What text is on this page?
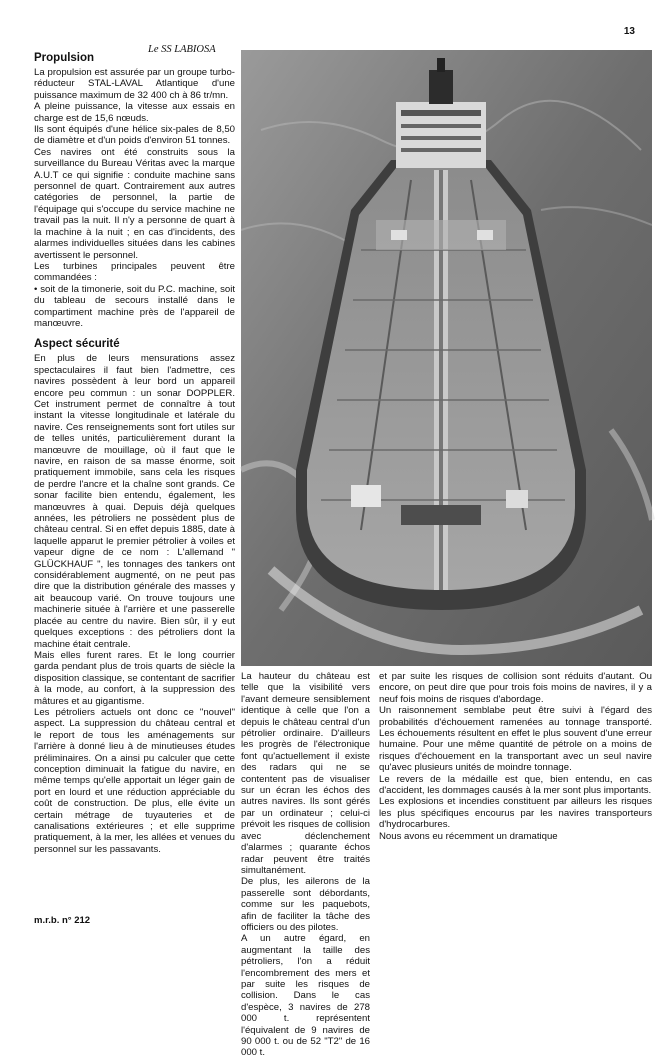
13
Le SS LABIOSA
Propulsion

La propulsion est assurée par un groupe turbo-réducteur STAL-LAVAL Atlantique d'une puissance maximum de 32 400 ch à 86 tr/mn.

A pleine puissance, la vitesse aux essais en charge est de 15,6 nœuds.

Ils sont équipés d'une hélice six-pales de 8,50 de diamètre et d'un poids d'environ 51 tonnes.

Ces navires ont été construits sous la surveillance du Bureau Véritas avec la marque A.U.T ce qui signifie : conduite machine sans personnel de quart. Contrairement aux autres catégories de personnel, la partie de l'équipage qui s'occupe du service machine ne travail pas la nuit. Il n'y a personne de quart à la machine à la nuit ; en cas d'incidents, des alarmes individuelles situées dans les cabines avertissent le personnel.

Les turbines principales peuvent être commandées :

• soit de la timonerie, soit du P.C. machine, soit du tableau de secours installé dans le compartiment machine près de l'appareil de manœuvre.

Aspect sécurité

En plus de leurs mensurations assez spectaculaires il faut bien l'admettre, ces navires possèdent à leur bord un appareil encore peu commun : un sonar DOPPLER. Cet instrument permet de connaître à tout instant la vitesse longitudinale et latérale du navire. Ces renseignements sont fort utiles sur de telles unités, particulièrement durant la manœuvre de mouillage, où il faut que le navire, en raison de sa masse énorme, soit pratiquement immobile, sans cela les risques de perdre l'ancre et la chaîne sont grands. Ce sonar facilite bien entendu, également, les manœuvres à quai. Depuis déjà quelques années, les pétroliers ne possèdent plus de château central. Si en effet depuis 1885, date à laquelle apparut le premier pétrolier à voiles et vapeur digne de ce nom : L'allemand " GLÜCKHAUF ", les tonnages des tankers ont considérablement augmenté, on ne peut pas dire que la distribution générale des masses y ait beaucoup varié. On trouve toujours une machinerie située à l'arrière et une passerelle placée au centre du navire. Bien sûr, il y eut quelques exceptions : des pétroliers dont la machine était centrale.

Mais elles furent rares. Et le long courrier garda pendant plus de trois quarts de siècle la disposition classique, se contentant de sacrifier à la mode, au confort, à la suppression des mâtures et au gigantisme.

Les pétroliers actuels ont donc ce "nouvel" aspect. La suppression du château central et le report de tous les aménagements sur l'arrière à donné lieu à de minutieuses études préliminaires. On a ainsi pu calculer que cette conception diminuait la fatigue du navire, en même temps qu'elle apportait un léger gain de port en lourd et une réduction appréciable du coût de construction. De plus, elle évite un certain métrage de tuyauteries et de canalisations extérieures ; et elle supprime pratiquement, à la mer, les allées et venues du personnel sur les passavants.

La hauteur du château est telle que la visibilité vers l'avant demeure sensiblement identique à celle que l'on a depuis le château central d'un pétrolier ordinaire. D'ailleurs les progrès de l'électronique font qu'actuellement il existe des radars qui ne se contentent pas de visualiser sur un écran les échos des autres navires. Ils sont gérés par un ordinateur ; celui-ci prévoit les risques de collision avec déclenchement d'alarmes ; quarante échos radar peuvent être traités simultanément.

De plus, les ailerons de la passerelle sont débordants, comme sur les paquebots, afin de faciliter la tâche des officiers ou des pilotes.

A un autre égard, en augmentant la taille des pétroliers, l'on a réduit l'encombrement des mers et par suite les risques de collision. Dans le cas d'espèce, 3 navires de 278 000 t. représentent l'équivalent de 9 navires de 90 000 t. ou de 52 "T2" de 16 000 t.

et par suite les risques de collision sont réduits d'autant. Ou encore, on peut dire que pour trois fois moins de navires, il y a neuf fois moins de risques d'abordage.

Un raisonnement semblabe peut être suivi à l'égard des probabilités d'échouement ramenées au tonnage transporté. Les échouements résultent en effet le plus souvent d'une erreur humaine. Pour une même quantité de pétrole on a moins de risques d'échouement en la transportant avec un seul navire qu'avec plusieurs unités de moindre tonnage.

Le revers de la médaille est que, bien entendu, en cas d'accident, les dommages causés à la mer sont plus importants.

Les explosions et incendies constituent par ailleurs les risques les plus spécifiques encourus par les navires transporteurs d'hydrocarbures.

Nous avons eu récemment un dramatique

m.r.b. n° 212
